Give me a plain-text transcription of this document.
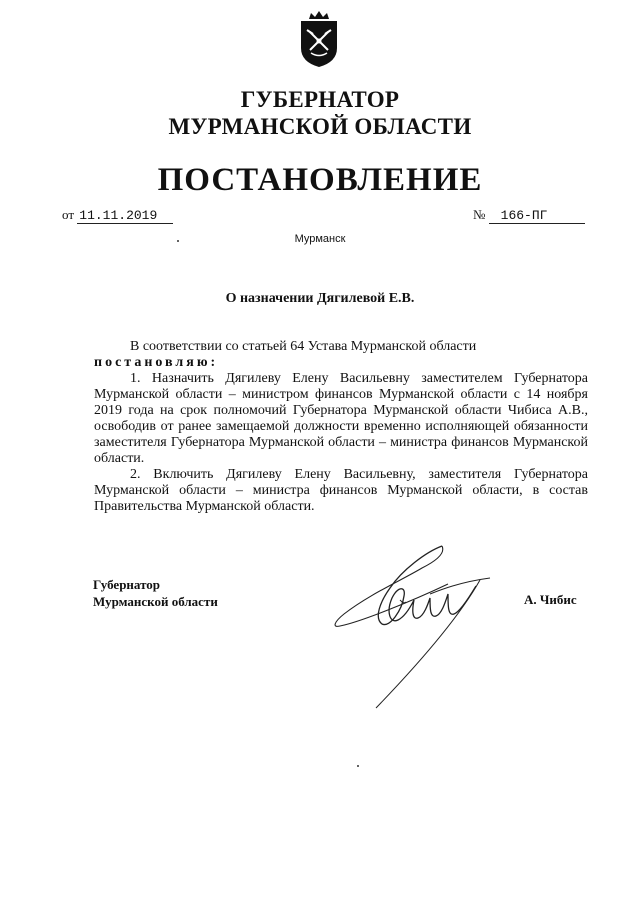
ГУБЕРНАТОР
МУРМАНСКОЙ ОБЛАСТИ
ПОСТАНОВЛЕНИЕ
от 11.11.2019	№ 166-ПГ
Мурманск
О назначении Дягилевой Е.В.

В соответствии со статьей 64 Устава Мурманской области

постановляю:

1. Назначить Дягилеву Елену Васильевну заместителем Губернатора Мурманской области – министром финансов Мурманской области с 14 ноября 2019 года на срок полномочий Губернатора Мурманской области Чибиса А.В., освободив от ранее замещаемой должности временно исполняющей обязанности заместителя Губернатора Мурманской области – министра финансов Мурманской области.

2. Включить Дягилеву Елену Васильевну, заместителя Губернатора Мурманской области – министра финансов Мурманской области, в состав Правительства Мурманской области.

Губернатор
Мурманской области	А. Чибис
